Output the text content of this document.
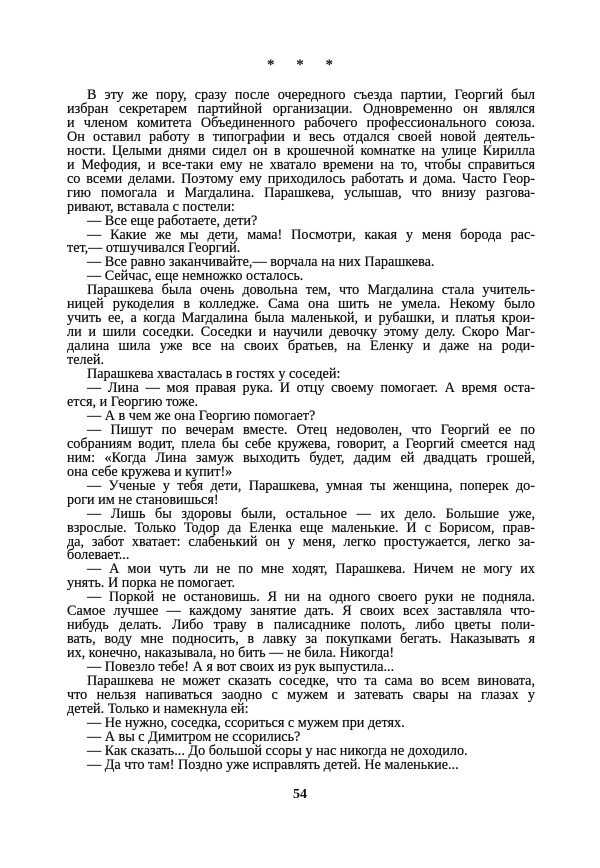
* * *
В эту же пору, сразу после очередного съезда партии, Георгий был
избран секретарем партийной организации. Одновременно он являлся
и членом комитета Объединенного рабочего профессионального союза.
Он оставил работу в типографии и весь отдался своей новой деятель-
ности. Целыми днями сидел он в крошечной комнатке на улице Кирилла
и Мефодия, и все-таки ему не хватало времени на то, чтобы справиться
со всеми делами. Поэтому ему приходилось работать и дома. Часто Геор-
гию помогала и Магдалина. Парашкева, услышав, что внизу разгова-
ривают, вставала с постели:
— Все еще работаете, дети?
— Какие же мы дети, мама! Посмотри, какая у меня борода рас-
тет,— отшучивался Георгий.
— Все равно заканчивайте,— ворчала на них Парашкева.
— Сейчас, еще немножко осталось.
Парашкева была очень довольна тем, что Магдалина стала учитель-
ницей рукоделия в колледже. Сама она шить не умела. Некому было
учить ее, а когда Магдалина была маленькой, и рубашки, и платья крои-
ли и шили соседки. Соседки и научили девочку этому делу. Скоро Маг-
далина шила уже все на своих братьев, на Еленку и даже на роди-
телей.
Парашкева хвасталась в гостях у соседей:
— Лина — моя правая рука. И отцу своему помогает. А время оста-
ется, и Георгию тоже.
— А в чем же она Георгию помогает?
— Пишут по вечерам вместе. Отец недоволен, что Георгий ее по
собраниям водит, плела бы себе кружева, говорит, а Георгий смеется над
ним: «Когда Лина замуж выходить будет, дадим ей двадцать грошей,
она себе кружева и купит!»
— Ученые у тебя дети, Парашкева, умная ты женщина, поперек до-
роги им не становишься!
— Лишь бы здоровы были, остальное — их дело. Большие уже,
взрослые. Только Тодор да Еленка еще маленькие. И с Борисом, прав-
да, забот хватает: слабенький он у меня, легко простужается, легко за-
болевает...
— А мои чуть ли не по мне ходят, Парашкева. Ничем не могу их
унять. И порка не помогает.
— Поркой не остановишь. Я ни на одного своего руки не подняла.
Самое лучшее — каждому занятие дать. Я своих всех заставляла что-
нибудь делать. Либо траву в палисаднике полоть, либо цветы поли-
вать, воду мне подносить, в лавку за покупками бегать. Наказывать я
их, конечно, наказывала, но бить — не била. Никогда!
— Повезло тебе! А я вот своих из рук выпустила...
Парашкева не может сказать соседке, что та сама во всем виновата,
что нельзя напиваться заодно с мужем и затевать свары на глазах у
детей. Только и намекнула ей:
— Не нужно, соседка, ссориться с мужем при детях.
— А вы с Димитром не ссорились?
— Как сказать... До большой ссоры у нас никогда не доходило.
— Да что там! Поздно уже исправлять детей. Не маленькие...
54
